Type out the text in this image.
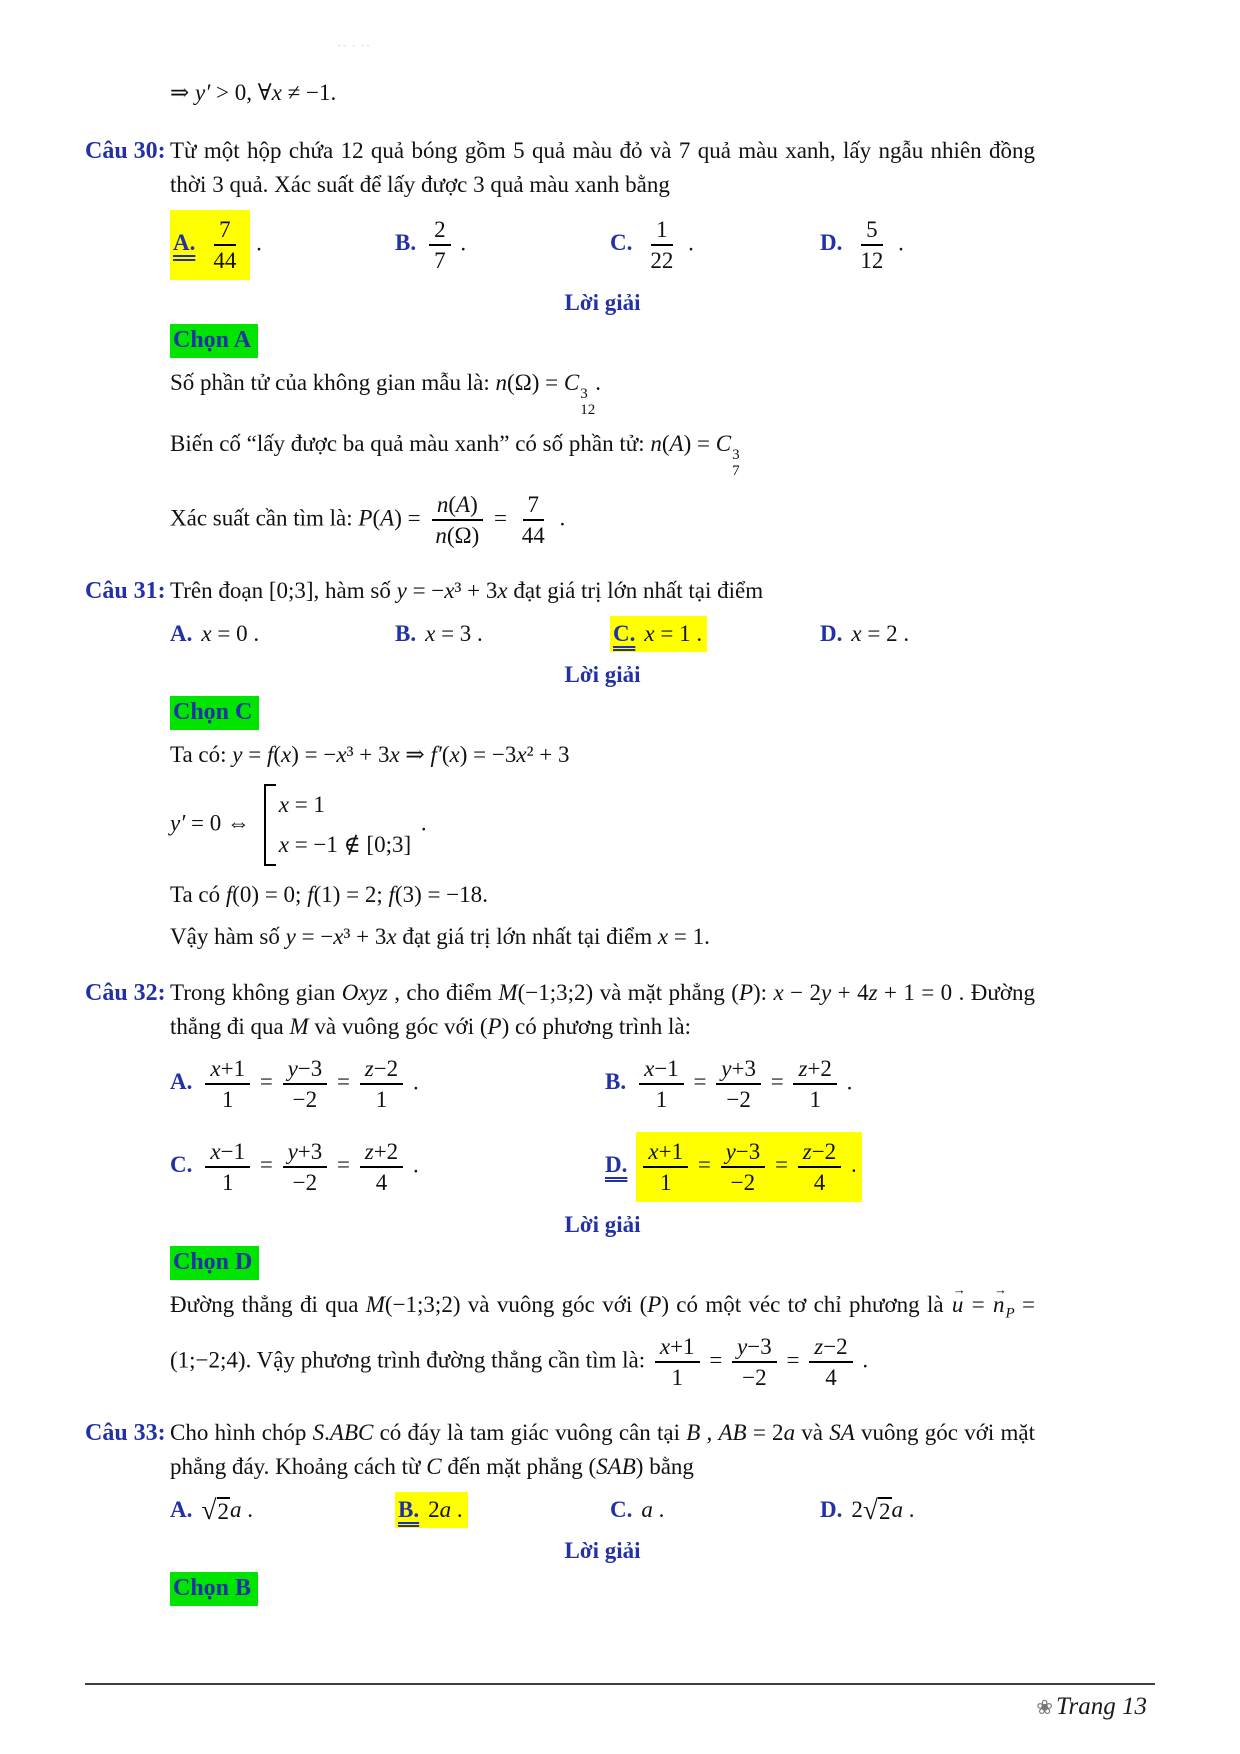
-- - --

⇒ y′ > 0, ∀x ≠ −1.

Câu 30: Từ một hộp chứa 12 quả bóng gồm 5 quả màu đỏ và 7 quả màu xanh, lấy ngẫu nhiên đồng thời 3 quả. Xác suất để lấy được 3 quả màu xanh bằng

A. $\frac{7}{44}$ .	B. $\frac{2}{7}$ .	C. $\frac{1}{22}$ .	D. $\frac{5}{12}$ .
Lời giải
Chọn A

Số phần tử của không gian mẫu là: n(Ω) = C 3
12
.

Biến cố “lấy được ba quả màu xanh” có số phần tử: n(A) = C 3
7

Xác suất cần tìm là: $P(A) = \frac{n(A)}{n(\Omega)} = \frac{7}{44}$ .

Câu 31: Trên đoạn [0;3], hàm số y = −x³ + 3x đạt giá trị lớn nhất tại điểm

A. x = 0 .	B. x = 3 .	C. x = 1 .	D. x = 2 .
Lời giải
Chọn C

Ta có: y = f(x) = −x³ + 3x ⇒ f′(x) = −3x² + 3

y′ = 0 ⇔
x = 1
x = −1 ∉ [0;3]
.

Ta có f(0) = 0; f(1) = 2; f(3) = −18.

Vậy hàm số y = −x³ + 3x đạt giá trị lớn nhất tại điểm x = 1.

Câu 32: Trong không gian Oxyz , cho điểm M(−1;3;2) và mặt phẳng (P): x − 2y + 4z + 1 = 0 . Đường thẳng đi qua M và vuông góc với (P) có phương trình là:

A. $\frac{x+1}{1} = \frac{y-3}{-2} = \frac{z-2}{1}$ .	B. $\frac{x-1}{1} = \frac{y+3}{-2} = \frac{z+2}{1}$ .
C. $\frac{x-1}{1} = \frac{y+3}{-2} = \frac{z+2}{4}$ .	D. $\frac{x+1}{1} = \frac{y-3}{-2} = \frac{z-2}{4}$ .
Lời giải
Chọn D

Đường thẳng đi qua M(−1;3;2) và vuông góc với (P) có một véc tơ chỉ phương là → u = → $n_P$ = (1;−2;4). Vậy phương trình đường thẳng cần tìm là: $\frac{x+1}{1} = \frac{y-3}{-2} = \frac{z-2}{4}$ .

Câu 33: Cho hình chóp S.ABC có đáy là tam giác vuông cân tại B , AB = 2a và SA vuông góc với mặt phẳng đáy. Khoảng cách từ C đến mặt phẳng (SAB) bằng

A. √ 2 a .	B. 2a .	C. a .	D. 2 √ 2 a .
Lời giải
Chọn B
❀ Trang 13
